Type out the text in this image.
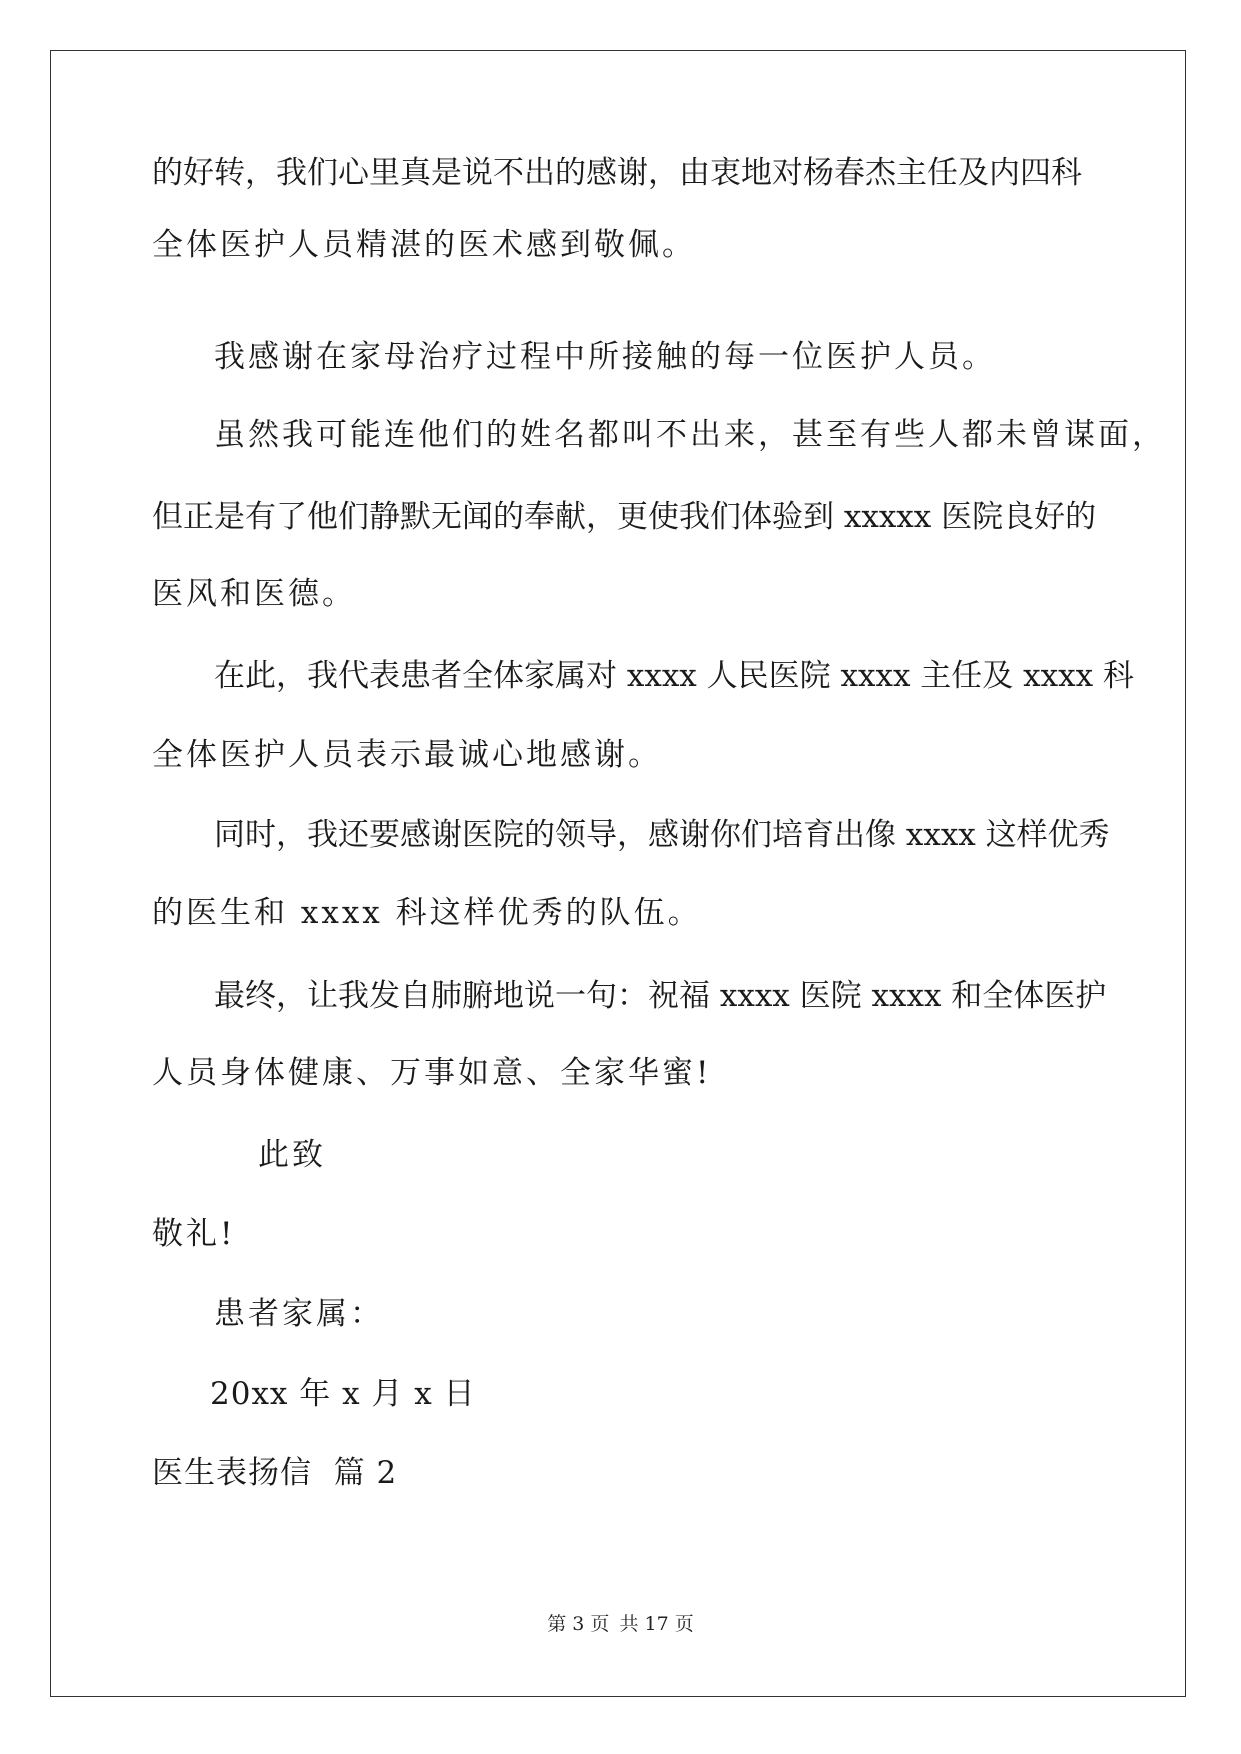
的好转，我们心里真是说不出的感谢，由衷地对杨春杰主任及内四科
全体医护人员精湛的医术感到敬佩。
我感谢在家母治疗过程中所接触的每一位医护人员。
虽然我可能连他们的姓名都叫不出来，甚至有些人都未曾谋面，
但正是有了他们静默无闻的奉献，更使我们体验到 xxxxx 医院良好的
医风和医德。
在此，我代表患者全体家属对 xxxx 人民医院 xxxx 主任及 xxxx 科
全体医护人员表示最诚心地感谢。
同时，我还要感谢医院的领导，感谢你们培育出像 xxxx 这样优秀
的医生和 xxxx 科这样优秀的队伍。
最终，让我发自肺腑地说一句：祝福 xxxx 医院 xxxx 和全体医护
人员身体健康、万事如意、全家华蜜!
此致
敬礼!
患者家属：
20xx 年 x 月 x 日
医生表扬信  篇 2
第 3 页 共 17 页
